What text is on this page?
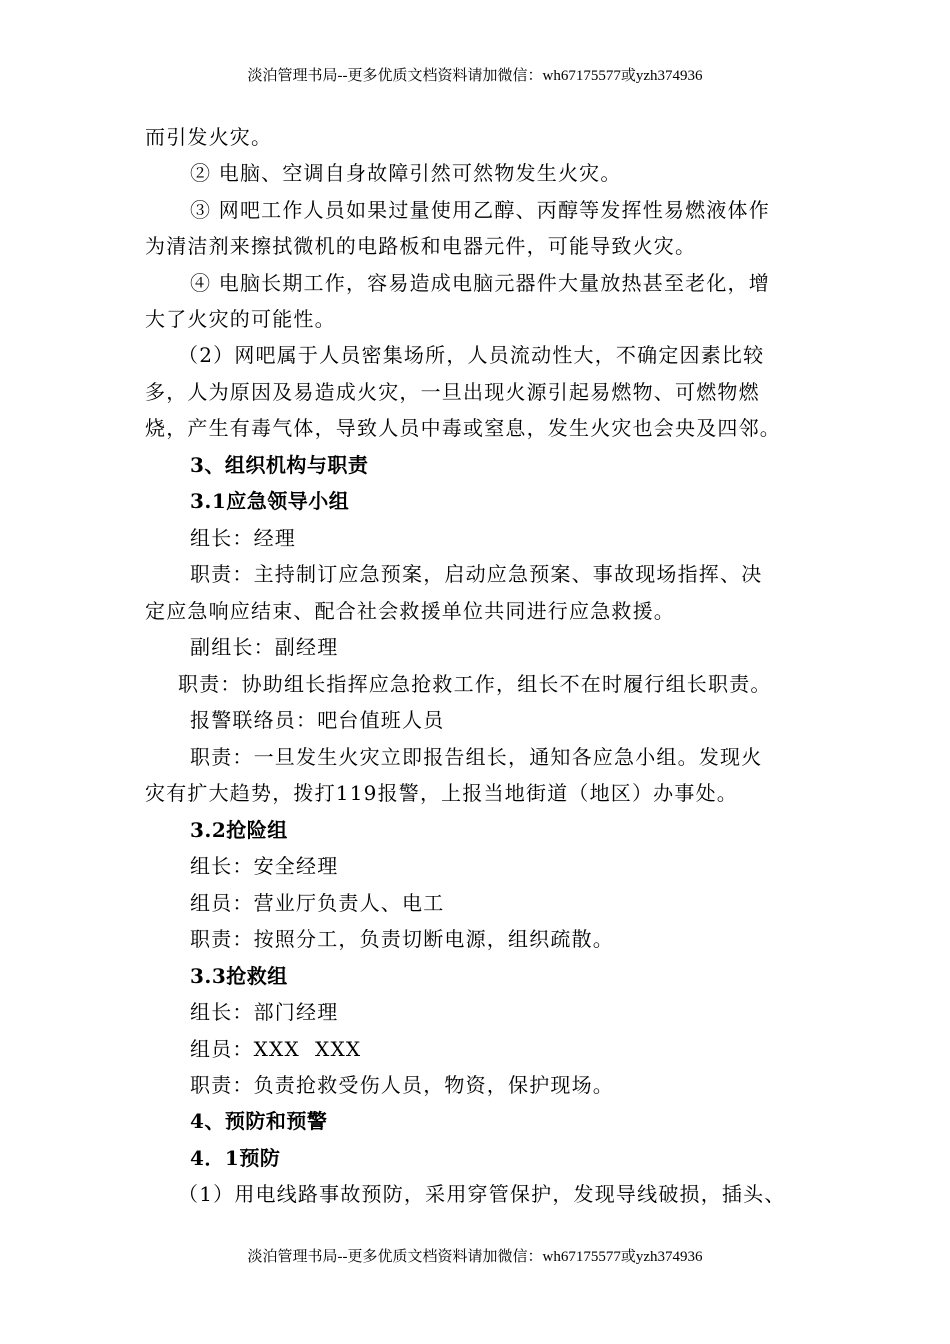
淡泊管理书局--更多优质文档资料请加微信：wh67175577或yzh374936
而引发火灾。
② 电脑、空调自身故障引然可然物发生火灾。
③ 网吧工作人员如果过量使用乙醇、丙醇等发挥性易燃液体作
为清洁剂来擦拭微机的电路板和电器元件，可能导致火灾。
④ 电脑长期工作，容易造成电脑元器件大量放热甚至老化，增
大了火灾的可能性。
（2）网吧属于人员密集场所，人员流动性大，不确定因素比较
多，人为原因及易造成火灾，一旦出现火源引起易燃物、可燃物燃
烧，产生有毒气体，导致人员中毒或窒息，发生火灾也会央及四邻。
3、组织机构与职责
3.1应急领导小组
组长：经理
职责：主持制订应急预案，启动应急预案、事故现场指挥、决
定应急响应结束、配合社会救援单位共同进行应急救援。
副组长：副经理
职责：协助组长指挥应急抢救工作，组长不在时履行组长职责。
报警联络员：吧台值班人员
职责：一旦发生火灾立即报告组长，通知各应急小组。发现火
灾有扩大趋势，拨打119报警，上报当地街道（地区）办事处。
3.2抢险组
组长：安全经理
组员：营业厅负责人、电工
职责：按照分工，负责切断电源，组织疏散。
3.3抢救组
组长：部门经理
组员：XXX  XXX
职责：负责抢救受伤人员，物资，保护现场。
4、预防和预警
4．1预防
（1）用电线路事故预防，采用穿管保护，发现导线破损，插头、
淡泊管理书局--更多优质文档资料请加微信：wh67175577或yzh374936
